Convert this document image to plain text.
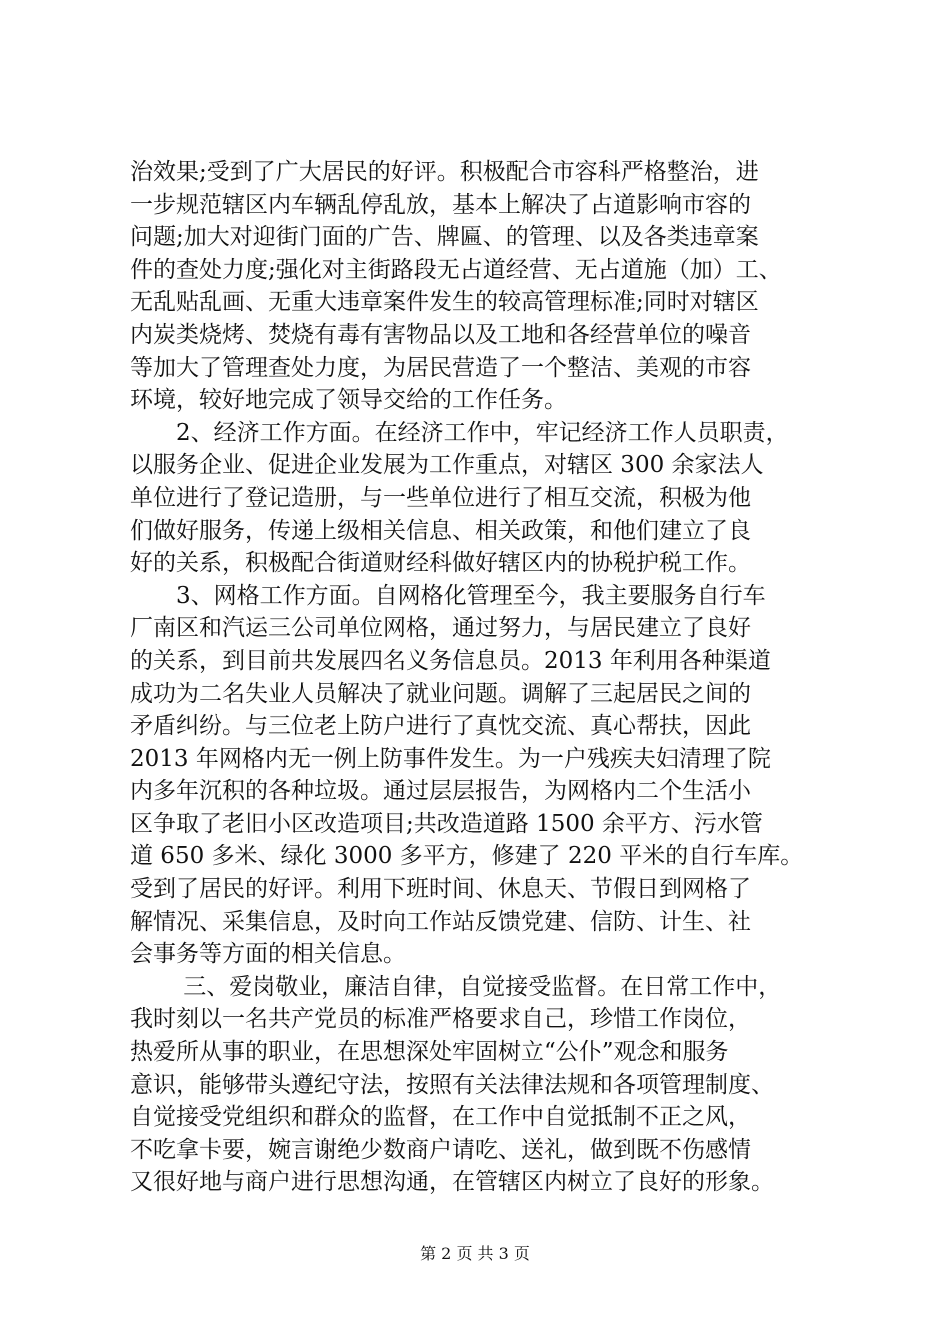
治效果;受到了广大居民的好评。积极配合市容科严格整治，进
一步规范辖区内车辆乱停乱放，基本上解决了占道影响市容的
问题;加大对迎街门面的广告、牌匾、的管理、以及各类违章案
件的查处力度;强化对主街路段无占道经营、无占道施（加）工、
无乱贴乱画、无重大违章案件发生的较高管理标准;同时对辖区
内炭类烧烤、焚烧有毒有害物品以及工地和各经营单位的噪音
等加大了管理查处力度，为居民营造了一个整洁、美观的市容
环境，较好地完成了领导交给的工作任务。
　　2、经济工作方面。在经济工作中，牢记经济工作人员职责，
以服务企业、促进企业发展为工作重点，对辖区 300 余家法人
单位进行了登记造册，与一些单位进行了相互交流，积极为他
们做好服务，传递上级相关信息、相关政策，和他们建立了良
好的关系，积极配合街道财经科做好辖区内的协税护税工作。
　　3、网格工作方面。自网格化管理至今，我主要服务自行车
厂南区和汽运三公司单位网格，通过努力，与居民建立了良好
的关系，到目前共发展四名义务信息员。2013 年利用各种渠道
成功为二名失业人员解决了就业问题。调解了三起居民之间的
矛盾纠纷。与三位老上防户进行了真忱交流、真心帮扶，因此
2013 年网格内无一例上防事件发生。为一户残疾夫妇清理了院
内多年沉积的各种垃圾。通过层层报告，为网格内二个生活小
区争取了老旧小区改造项目;共改造道路 1500 余平方、污水管
道 650 多米、绿化 3000 多平方，修建了 220 平米的自行车库。
受到了居民的好评。利用下班时间、休息天、节假日到网格了
解情况、采集信息，及时向工作站反馈党建、信防、计生、社
会事务等方面的相关信息。
　　 三、爱岗敬业，廉洁自律，自觉接受监督。在日常工作中，
我时刻以一名共产党员的标准严格要求自己，珍惜工作岗位，
热爱所从事的职业，在思想深处牢固树立“公仆”观念和服务
意识，能够带头遵纪守法，按照有关法律法规和各项管理制度、
自觉接受党组织和群众的监督，在工作中自觉抵制不正之风，
不吃拿卡要，婉言谢绝少数商户请吃、送礼，做到既不伤感情
又很好地与商户进行思想沟通，在管辖区内树立了良好的形象。
第 2 页 共 3 页
